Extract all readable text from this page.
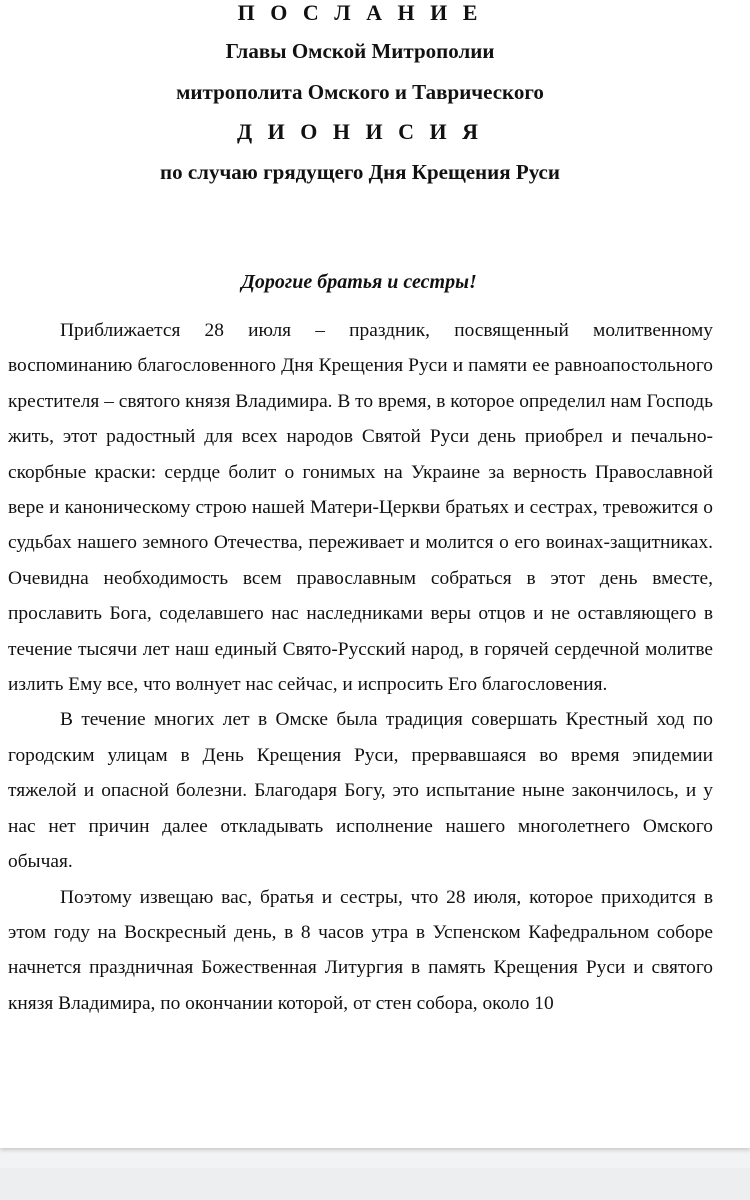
П О С Л А Н И Е
Главы Омской Митрополии
митрополита Омского и Таврического
Д И О Н И С И Я
по случаю грядущего Дня Крещения Руси
Дорогие братья и сестры!

Приближается 28 июля – праздник, посвященный молитвенному воспоминанию благословенного Дня Крещения Руси и памяти ее равноапостольного крестителя – святого князя Владимира. В то время, в которое определил нам Господь жить, этот радостный для всех народов Святой Руси день приобрел и печально-скорбные краски: сердце болит о гонимых на Украине за верность Православной вере и каноническому строю нашей Матери-Церкви братьях и сестрах, тревожится о судьбах нашего земного Отечества, переживает и молится о его воинах-защитниках. Очевидна необходимость всем православным собраться в этот день вместе, прославить Бога, соделавшего нас наследниками веры отцов и не оставляющего в течение тысячи лет наш единый Свято-Русский народ, в горячей сердечной молитве излить Ему все, что волнует нас сейчас, и испросить Его благословения.

В течение многих лет в Омске была традиция совершать Крестный ход по городским улицам в День Крещения Руси, прервавшаяся во время эпидемии тяжелой и опасной болезни. Благодаря Богу, это испытание ныне закончилось, и у нас нет причин далее откладывать исполнение нашего многолетнего Омского обычая.

Поэтому извещаю вас, братья и сестры, что 28 июля, которое приходится в этом году на Воскресный день, в 8 часов утра в Успенском Кафедральном соборе начнется праздничная Божественная Литургия в память Крещения Руси и святого князя Владимира, по окончании которой, от стен собора, около 10
